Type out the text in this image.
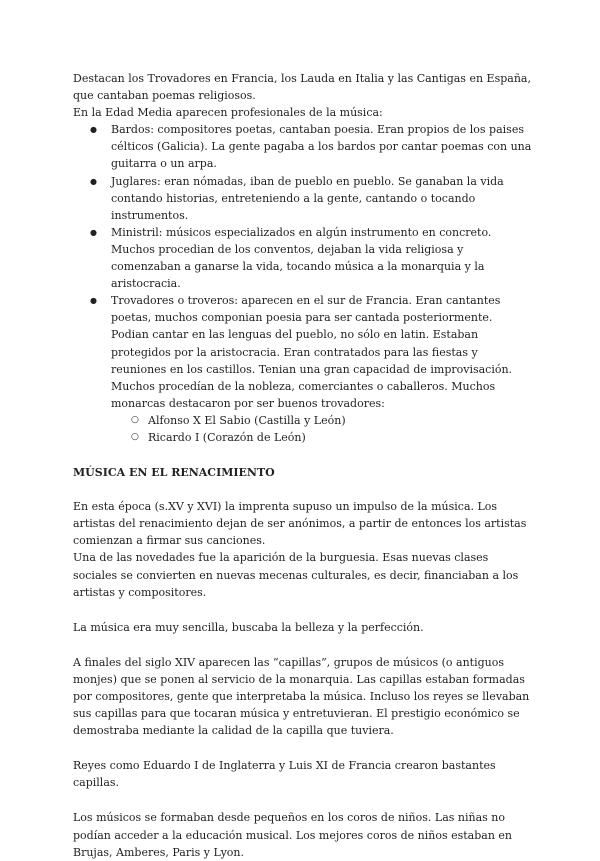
Destacan los Trovadores en Francia, los Lauda en Italia y las Cantigas en España, que cantaban poemas religiosos.

En la Edad Media aparecen profesionales de la música:

● Bardos: compositores poetas, cantaban poesia. Eran propios de los paises célticos (Galicia). La gente pagaba a los bardos por cantar poemas con una guitarra o un arpa.
● Juglares: eran nómadas, iban de pueblo en pueblo. Se ganaban la vida contando historias, entreteniendo a la gente, cantando o tocando instrumentos.
● Ministril: músicos especializados en algún instrumento en concreto. Muchos procedian de los conventos, dejaban la vida religiosa y comenzaban a ganarse la vida, tocando música a la monarquia y la aristocracia.
● Trovadores o troveros: aparecen en el sur de Francia. Eran cantantes poetas, muchos componian poesia para ser cantada posteriormente. Podian cantar en las lenguas del pueblo, no sólo en latin. Estaban protegidos por la aristocracia. Eran contratados para las fiestas y reuniones en los castillos. Tenian una gran capacidad de improvisación. Muchos procedían de la nobleza, comerciantes o caballeros. Muchos monarcas destacaron por ser buenos trovadores:
○ Alfonso X El Sabio (Castilla y León)
○ Ricardo I (Corazón de León)

MÚSICA EN EL RENACIMIENTO

En esta época (s.XV y XVI) la imprenta supuso un impulso de la música. Los artistas del renacimiento dejan de ser anónimos, a partir de entonces los artistas comienzan a firmar sus canciones.

Una de las novedades fue la aparición de la burguesia. Esas nuevas clases sociales se convierten en nuevas mecenas culturales, es decir, financiaban a los artistas y compositores.

La música era muy sencilla, buscaba la belleza y la perfección.

A finales del siglo XIV aparecen las “capillas”, grupos de músicos (o antiguos monjes) que se ponen al servicio de la monarquia. Las capillas estaban formadas por compositores, gente que interpretaba la música. Incluso los reyes se llevaban sus capillas para que tocaran música y entretuvieran. El prestigio económico se demostraba mediante la calidad de la capilla que tuviera.

Reyes como Eduardo I de Inglaterra y Luis XI de Francia crearon bastantes capillas.

Los músicos se formaban desde pequeños en los coros de niños. Las niñas no podían acceder a la educación musical. Los mejores coros de niños estaban en Brujas, Amberes, Paris y Lyon.
